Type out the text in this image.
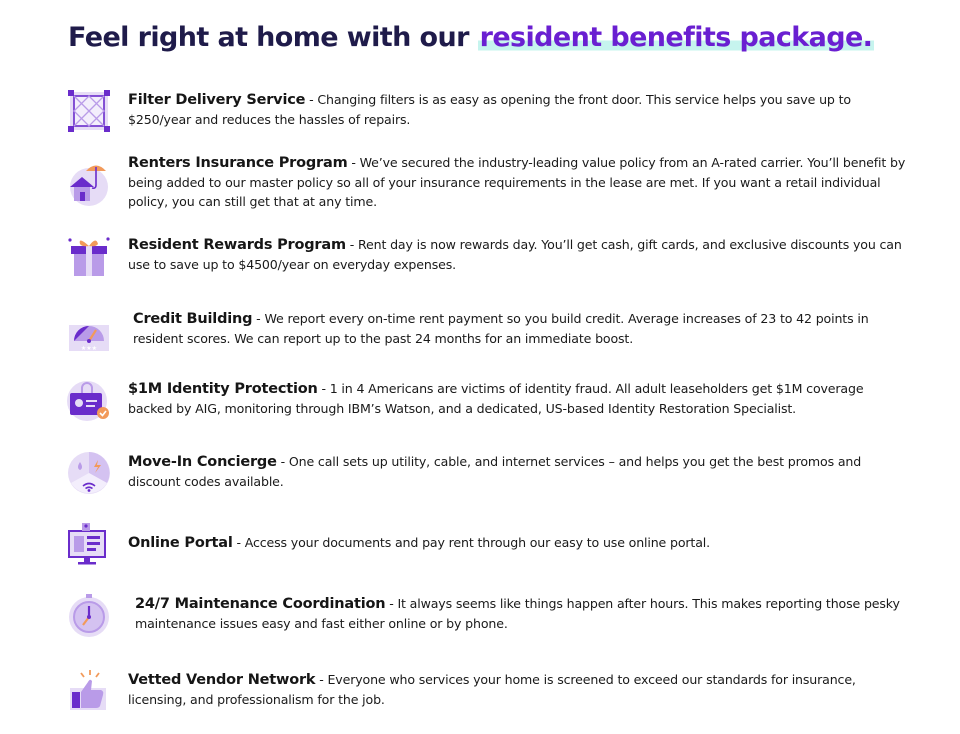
Feel right at home with our resident benefits package.
Filter Delivery Service - Changing filters is as easy as opening the front door. This service helps you save up to $250/year and reduces the hassles of repairs.
Renters Insurance Program - We’ve secured the industry-leading value policy from an A-rated carrier. You’ll benefit by being added to our master policy so all of your insurance requirements in the lease are met. If you want a retail individual policy, you can still get that at any time.
Resident Rewards Program - Rent day is now rewards day. You’ll get cash, gift cards, and exclusive discounts you can use to save up to $4500/year on everyday expenses.
★★★
Credit Building - We report every on-time rent payment so you build credit. Average increases of 23 to 42 points in resident scores. We can report up to the past 24 months for an immediate boost.
$1M Identity Protection - 1 in 4 Americans are victims of identity fraud. All adult leaseholders get $1M coverage backed by AIG, monitoring through IBM’s Watson, and a dedicated, US-based Identity Restoration Specialist.
Move-In Concierge - One call sets up utility, cable, and internet services – and helps you get the best promos and discount codes available.
Online Portal - Access your documents and pay rent through our easy to use online portal.
24/7 Maintenance Coordination - It always seems like things happen after hours. This makes reporting those pesky maintenance issues easy and fast either online or by phone.
Vetted Vendor Network - Everyone who services your home is screened to exceed our standards for insurance, licensing, and professionalism for the job.
